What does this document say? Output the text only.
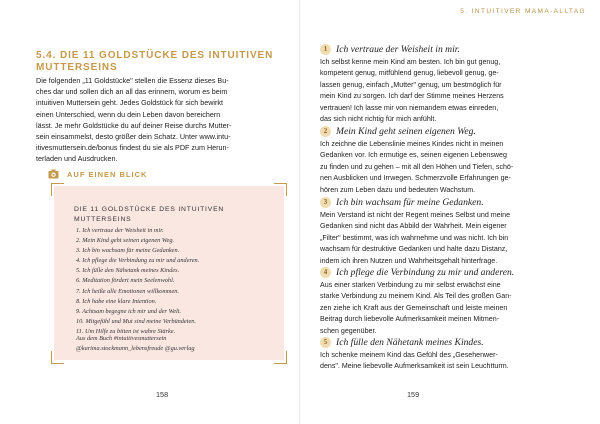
5.4. DIE 11 GOLDSTÜCKE DES INTUITIVEN MUTTERSEINS

Die folgenden „11 Goldstücke" stellen die Essenz dieses Bu-
ches dar und sollen dich an all das erinnern, worum es beim
intuitiven Muttersein geht. Jedes Goldstück für sich bewirkt
einen Unterschied, wenn du dein Leben davon bereichern
lässt. Je mehr Goldstücke du auf deiner Reise durchs Mutter-
sein einsammelst, desto größer dein Schatz. Unter www.intu-
itivesmuttersein.de/bonus findest du sie als PDF zum Herun-
terladen und Ausdrucken.

AUF EINEN BLICK

DIE 11 GOLDSTÜCKE DES INTUITIVEN
MUTTERSEINS

1. Ich vertraue der Weisheit in mir.
2. Mein Kind geht seinen eigenen Weg.
3. Ich bin wachsam für meine Gedanken.
4. Ich pflege die Verbindung zu mir und anderen.
5. Ich fülle den Nähetank meines Kindes.
6. Meditation fördert mein Seelenwohl.
7. Ich heiße alle Emotionen willkommen.
8. Ich habe eine klare Intention.
9. Achtsam begegne ich mir und der Welt.
10. Mitgefühl und Mut sind meine Verbündeten.
11. Um Hilfe zu bitten ist wahre Stärke.

Aus dem Buch #intuitivesmuttersein
@karima.stockmann_lebensfreude @gu.verlag

158
5. INTUITIVER MAMA-ALLTAG
1 Ich vertraue der Weisheit in mir.

Ich selbst kenne mein Kind am besten. Ich bin gut genug,
kompetent genug, mitfühlend genug, liebevoll genug, ge-
lassen genug, einfach „Mutter" genug, um bestmöglich für
mein Kind zu sorgen. Ich darf der Stimme meines Herzens
vertrauen! Ich lasse mir von niemandem etwas einreden,
das sich nicht richtig für mich anfühlt.

2 Mein Kind geht seinen eigenen Weg.

Ich zeichne die Lebenslinie meines Kindes nicht in meinen
Gedanken vor. Ich ermutige es, seinen eigenen Lebensweg
zu finden und zu gehen – mit all den Höhen und Tiefen, schö-
nen Ausblicken und Irrwegen. Schmerzvolle Erfahrungen ge-
hören zum Leben dazu und bedeuten Wachstum.

3 Ich bin wachsam für meine Gedanken.

Mein Verstand ist nicht der Regent meines Selbst und meine
Gedanken sind nicht das Abbild der Wahrheit. Mein eigener
„Filter" bestimmt, was ich wahrnehme und was nicht. Ich bin
wachsam für destruktive Gedanken und halte dazu Distanz,
indem ich ihren Nutzen und Wahrheitsgehalt hinterfrage.

4 Ich pflege die Verbindung zu mir und anderen.

Aus einer starken Verbindung zu mir selbst erwächst eine
starke Verbindung zu meinem Kind. Als Teil des großen Gan-
zen ziehe ich Kraft aus der Gemeinschaft und leiste meinen
Beitrag durch liebevolle Aufmerksamkeit meinen Mitmen-
schen gegenüber.

5 Ich fülle den Nähetank meines Kindes.

Ich schenke meinem Kind das Gefühl des „Gesehenwer-
dens". Meine liebevolle Aufmerksamkeit ist sein Leuchtturm.

159
